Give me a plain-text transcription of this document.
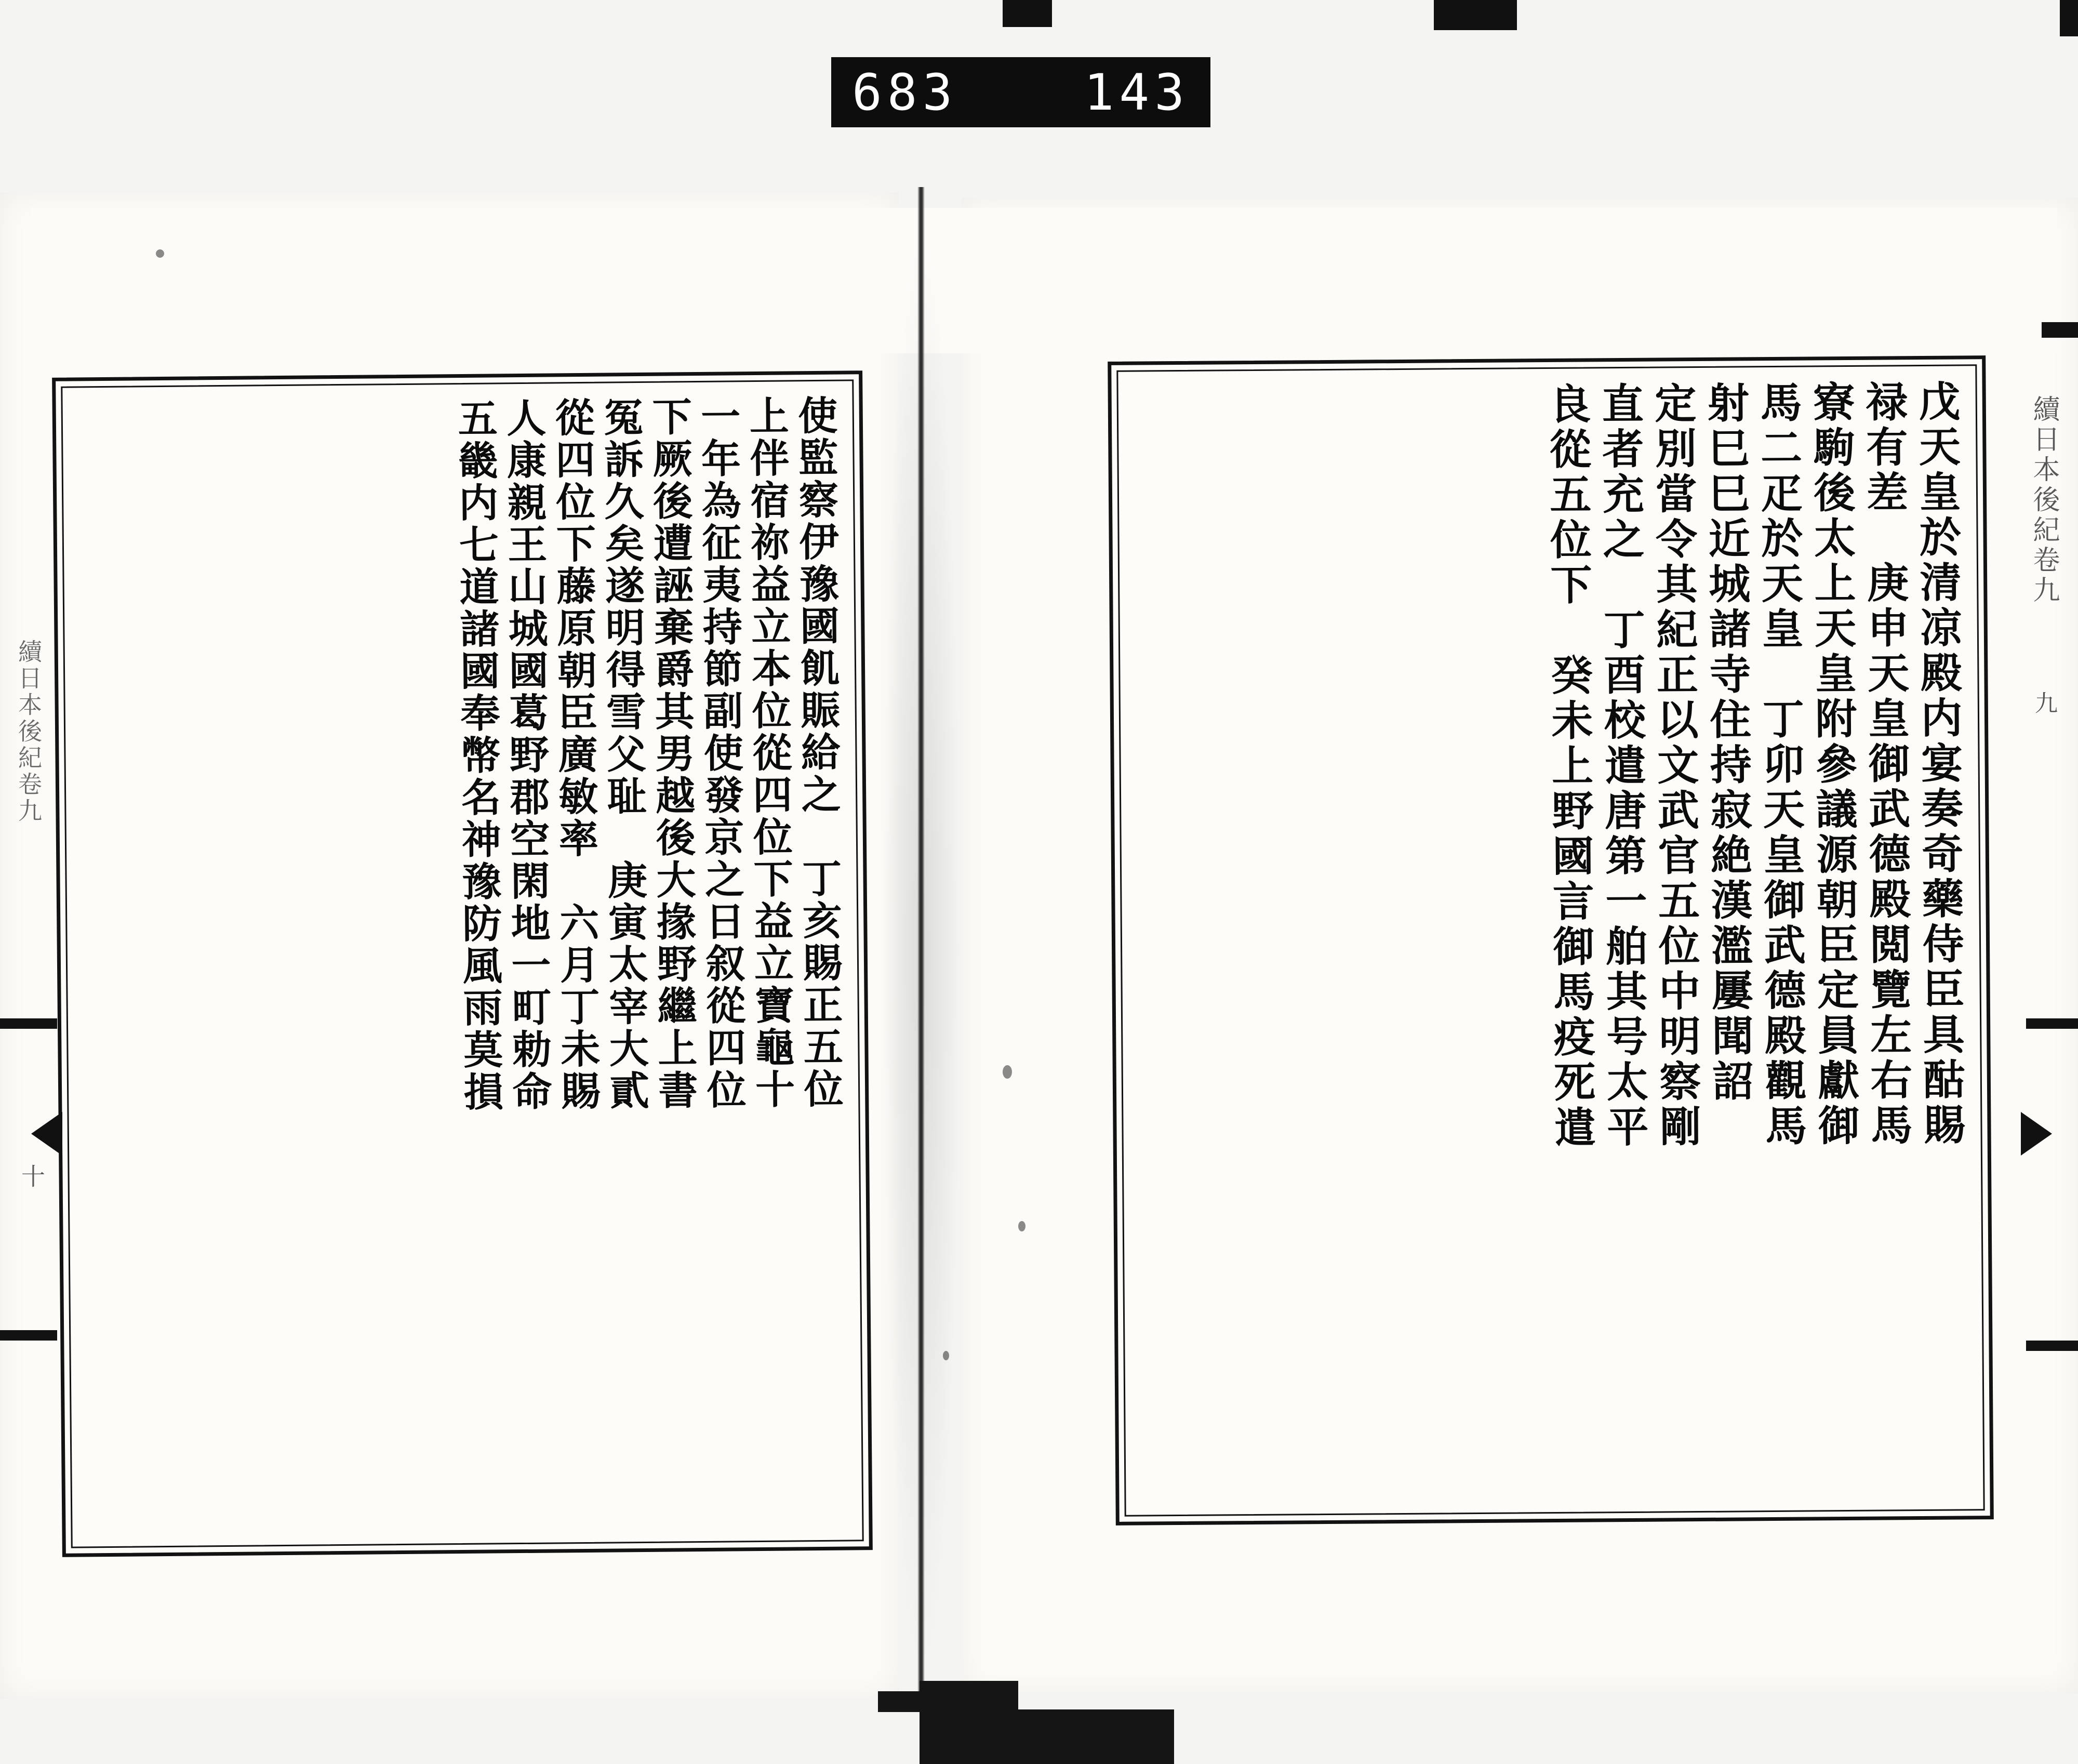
683	143
戊天皇於清凉殿内宴奏奇藥侍臣具酤賜
禄有差　庚申天皇御武德殿閲覽左右馬
寮駒後太上天皇附參議源朝臣定員獻御
馬二疋於天皇　丁卯天皇御武德殿觀馬
射巳巳近城諸寺住持寂絶漢濫屢聞詔
定別當令其紀正以文武官五位中明察剛
直者充之　丁酉校遣唐第一舶其号太平
良從五位下　癸未上野國言御馬疫死遣	續日本後紀卷九
九
使監察伊豫國飢賑給之　丁亥賜正五位
上伴宿祢益立本位從四位下益立寶龜十
一年為征夷持節副使發京之日叙從四位
下厥後遭誣棄爵其男越後大掾野繼上書
冤訴久矣遂明得雪父耻　庚寅太宰大貳
從四位下藤原朝臣廣敏率　六月丁未賜
人康親王山城國葛野郡空閑地一町勅命
五畿内七道諸國奉幣名神豫防風雨莫損
續日本後紀卷九
十
